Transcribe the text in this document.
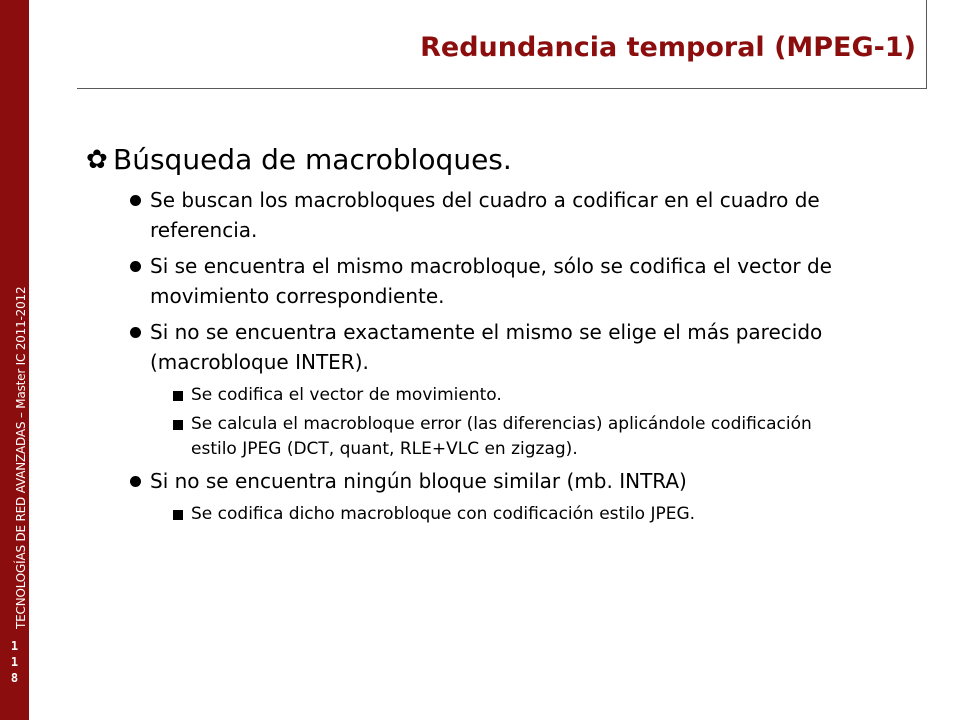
TECNOLOGÍAS DE RED AVANZADAS – Master IC 2011-2012
1
1
8
Redundancia temporal (MPEG-1)
✿ Búsqueda de macrobloques.
Se buscan los macrobloques del cuadro a codificar en el cuadro de referencia.
Si se encuentra el mismo macrobloque, sólo se codifica el vector de movimiento correspondiente.
Si no se encuentra exactamente el mismo se elige el más parecido (macrobloque INTER).
Se codifica el vector de movimiento.
Se calcula el macrobloque error (las diferencias) aplicándole codificación estilo JPEG (DCT, quant, RLE+VLC en zigzag).
Si no se encuentra ningún bloque similar (mb. INTRA)
Se codifica dicho macrobloque con codificación estilo JPEG.
